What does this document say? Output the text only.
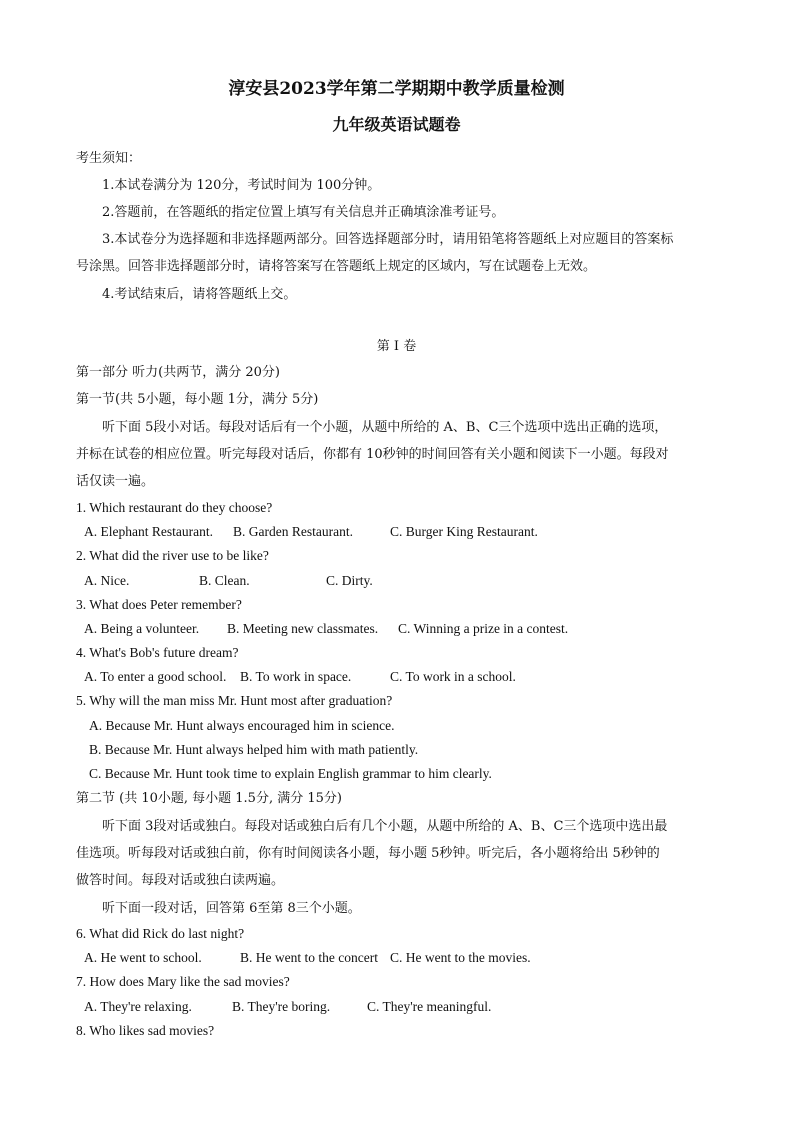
淳安县2023学年第二学期期中教学质量检测
九年级英语试题卷
考生须知：
1.本试卷满分为 120分，考试时间为 100分钟。
2.答题前，在答题纸的指定位置上填写有关信息并正确填涂准考证号。
3.本试卷分为选择题和非选择题两部分。回答选择题部分时，请用铅笔将答题纸上对应题目的答案标
号涂黑。回答非选择题部分时，请将答案写在答题纸上规定的区域内，写在试题卷上无效。
4.考试结束后，请将答题纸上交。
第 Ⅰ 卷
第一部分 听力(共两节，满分 20分)
第一节(共 5小题，每小题 1分，满分 5分)
听下面 5段小对话。每段对话后有一个小题，从题中所给的 A、B、C三个选项中选出正确的选项，
并标在试卷的相应位置。听完每段对话后，你都有 10秒钟的时间回答有关小题和阅读下一小题。每段对
话仅读一遍。
1. Which restaurant do they choose?
A. Elephant Restaurant. B. Garden Restaurant.	C. Burger King Restaurant.
2. What did the river use to be like?
A. Nice.	B. Clean.	C. Dirty.
3. What does Peter remember?
A. Being a volunteer. B. Meeting new classmates. C. Winning a prize in a contest.
4. What's Bob's future dream?
A. To enter a good school. B. To work in space.	C. To work in a school.
5. Why will the man miss Mr. Hunt most after graduation?
A. Because Mr. Hunt always encouraged him in science.
B. Because Mr. Hunt always helped him with math patiently.
C. Because Mr. Hunt took time to explain English grammar to him clearly.
第二节 (共 10小题, 每小题 1.5分, 满分 15分)
听下面 3段对话或独白。每段对话或独白后有几个小题，从题中所给的 A、B、C三个选项中选出最
佳选项。听每段对话或独白前，你有时间阅读各小题，每小题 5秒钟。听完后，各小题将给出 5秒钟的
做答时间。每段对话或独白读两遍。
听下面一段对话，回答第 6至第 8三个小题。
6. What did Rick do last night?
A. He went to school.	B. He went to the concert C. He went to the movies.
7. How does Mary like the sad movies?
A. They're relaxing.	B. They're boring.	C. They're meaningful.
8. Who likes sad movies?
